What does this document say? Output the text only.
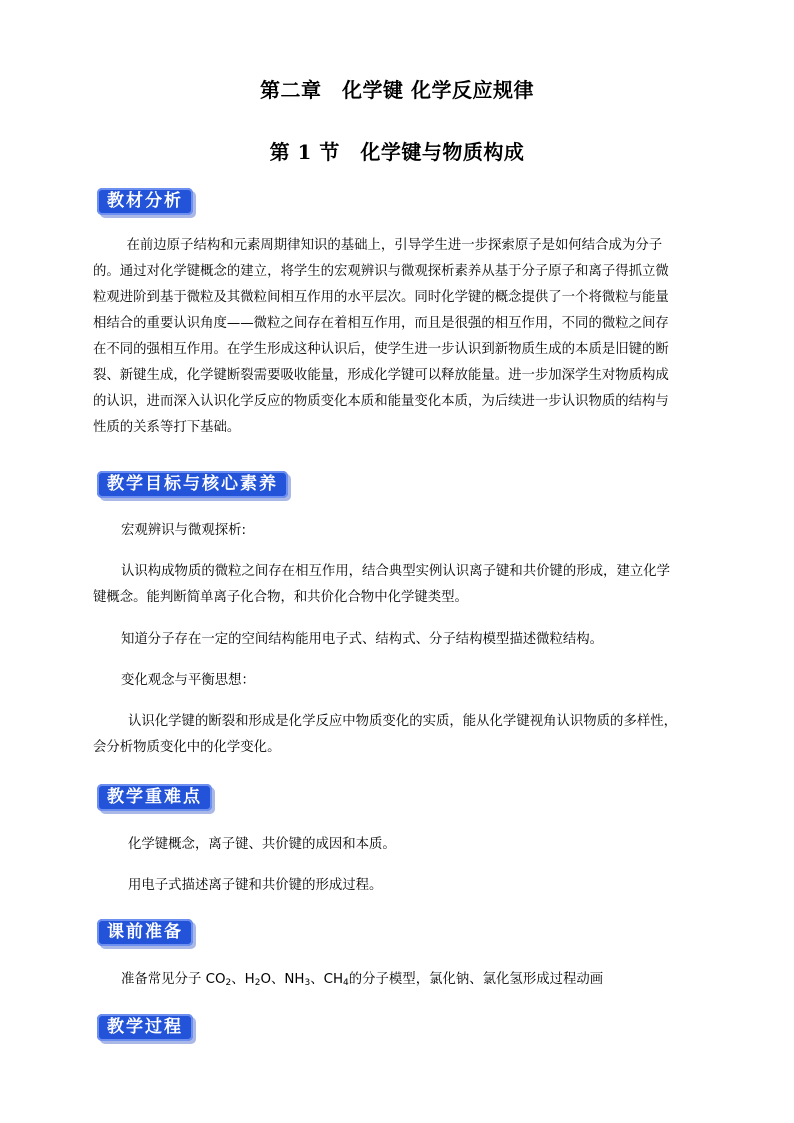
第二章　化学键 化学反应规律
第 1 节　化学键与物质构成
教材分析

在前边原子结构和元素周期律知识的基础上，引导学生进一步探索原子是如何结合成为分子

的。通过对化学键概念的建立，将学生的宏观辨识与微观探析素养从基于分子原子和离子得抓立微

粒观进阶到基于微粒及其微粒间相互作用的水平层次。同时化学键的概念提供了一个将微粒与能量

相结合的重要认识角度——微粒之间存在着相互作用，而且是很强的相互作用，不同的微粒之间存

在不同的强相互作用。在学生形成这种认识后，使学生进一步认识到新物质生成的本质是旧键的断

裂、新键生成，化学键断裂需要吸收能量，形成化学键可以释放能量。进一步加深学生对物质构成

的认识，进而深入认识化学反应的物质变化本质和能量变化本质，为后续进一步认识物质的结构与

性质的关系等打下基础。

教学目标与核心素养
宏观辨识与微观探析:
认识构成物质的微粒之间存在相互作用，结合典型实例认识离子键和共价键的形成，建立化学
键概念。能判断简单离子化合物，和共价化合物中化学键类型。
知道分子存在一定的空间结构能用电子式、结构式、分子结构模型描述微粒结构。
变化观念与平衡思想：
认识化学键的断裂和形成是化学反应中物质变化的实质，能从化学键视角认识物质的多样性，
会分析物质变化中的化学变化。
教学重难点
化学键概念，离子键、共价键的成因和本质。
用电子式描述离子键和共价键的形成过程。
课前准备
准备常见分子 $CO_2$、$H_2O$、$NH_3$、$CH_4$的分子模型，氯化钠、氯化氢形成过程动画
教学过程
